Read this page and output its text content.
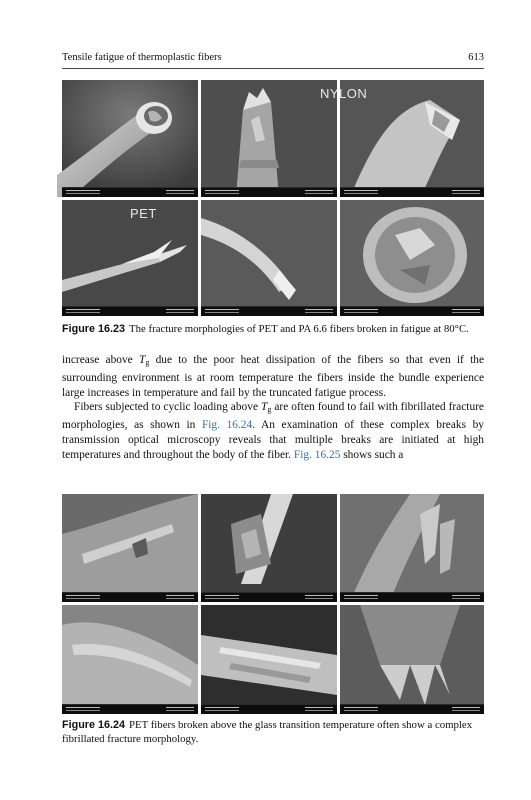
Tensile fatigue of thermoplastic fibers	613
NYLON
PET
Figure 16.23 The fracture morphologies of PET and PA 6.6 fibers broken in fatigue at 80°C.

increase above $T_g$ due to the poor heat dissipation of the fibers so that even if the surrounding environment is at room temperature the fibers inside the bundle experience large increases in temperature and fail by the truncated fatigue process.

Fibers subjected to cyclic loading above $T_g$ are often found to fail with fibrillated fracture morphologies, as shown in Fig. 16.24. An examination of these complex breaks by transmission optical microscopy reveals that multiple breaks are initiated at high temperatures and throughout the body of the fiber. Fig. 16.25 shows such a

Figure 16.24 PET fibers broken above the glass transition temperature often show a complex fibrillated fracture morphology.
